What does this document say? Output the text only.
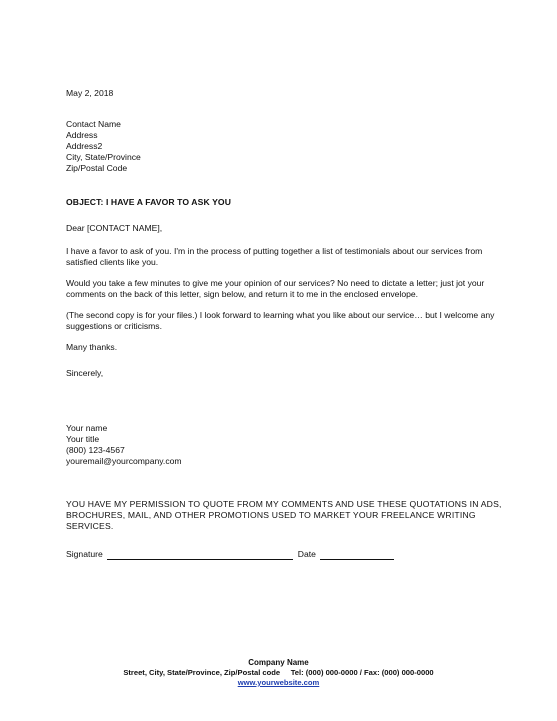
May 2, 2018
Contact Name
Address
Address2
City, State/Province
Zip/Postal Code
OBJECT: I HAVE A FAVOR TO ASK YOU
Dear [CONTACT NAME],
I have a favor to ask of you. I'm in the process of putting together a list of testimonials about our services from satisfied clients like you.
Would you take a few minutes to give me your opinion of our services? No need to dictate a letter; just jot your comments on the back of this letter, sign below, and return it to me in the enclosed envelope.
(The second copy is for your files.) I look forward to learning what you like about our service… but I welcome any suggestions or criticisms.
Many thanks.
Sincerely,
Your name
Your title
(800) 123-4567
youremail@yourcompany.com
YOU HAVE MY PERMISSION TO QUOTE FROM MY COMMENTS AND USE THESE QUOTATIONS IN ADS, BROCHURES, MAIL, AND OTHER PROMOTIONS USED TO MARKET YOUR FREELANCE WRITING SERVICES.
Signature	Date
Company Name
Street, City, State/Province, Zip/Postal code     Tel: (000) 000-0000 / Fax: (000) 000-0000
www.yourwebsite.com
